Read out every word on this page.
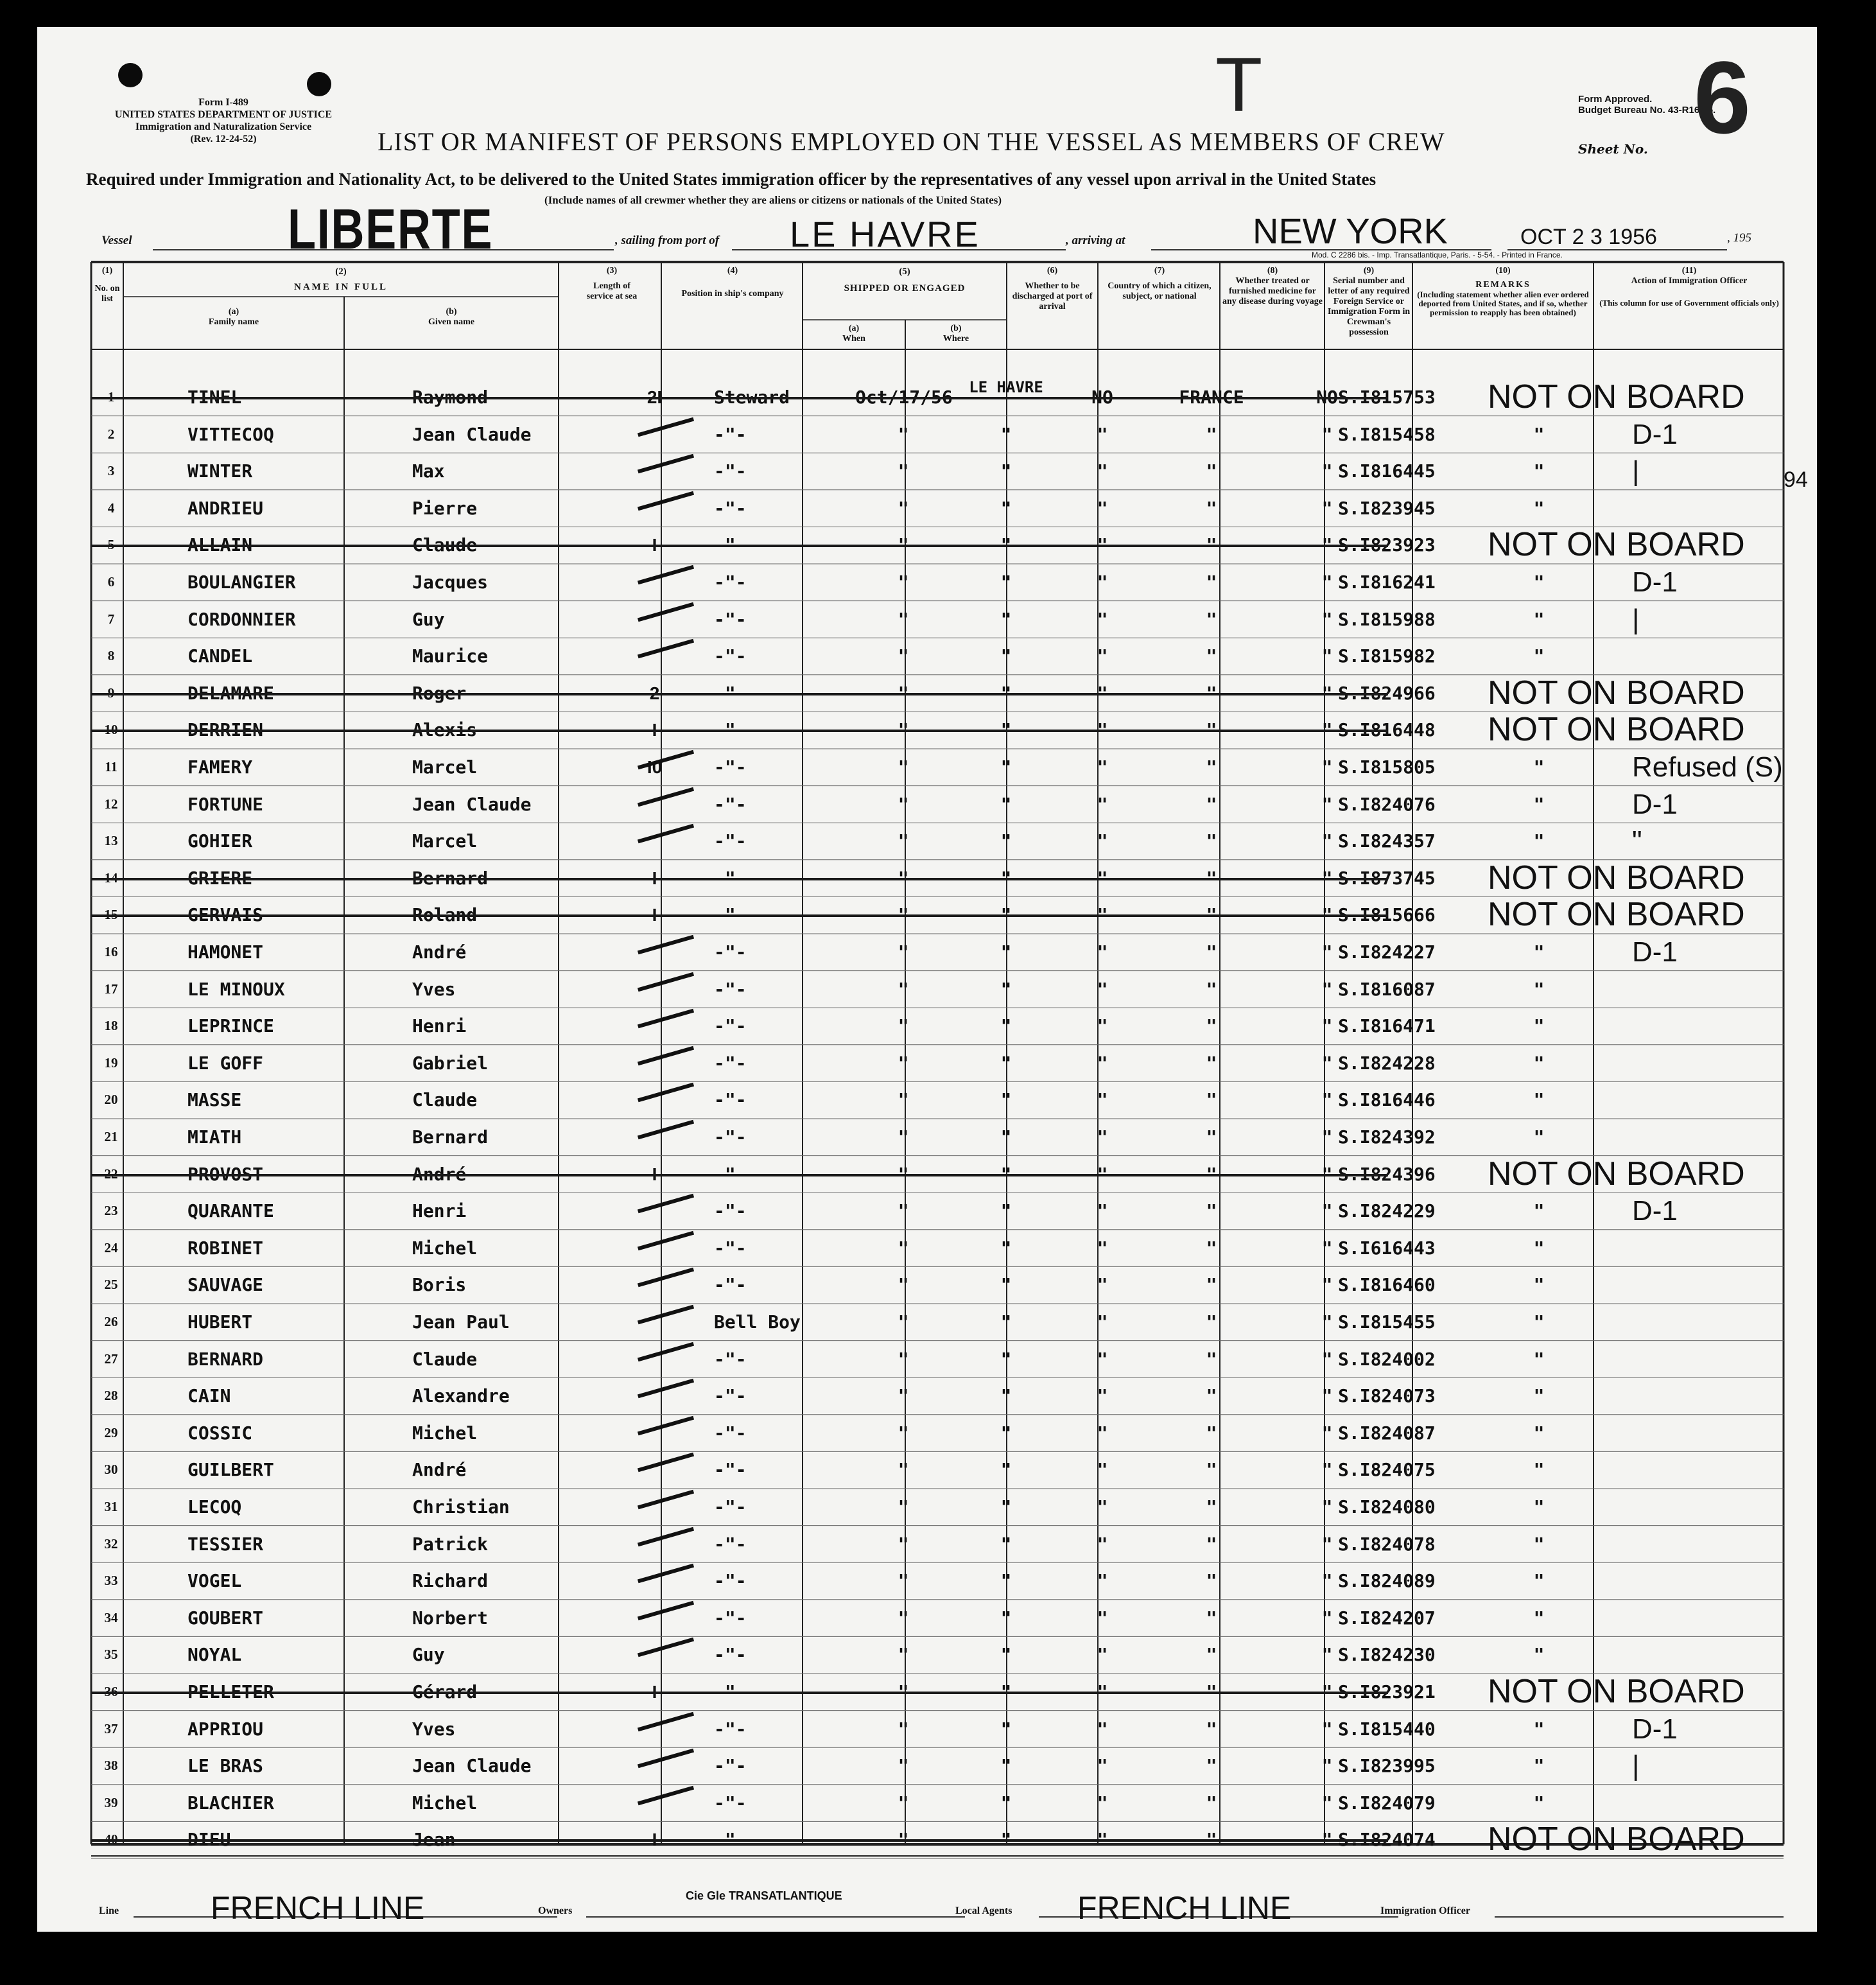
Form I-489
UNITED STATES DEPARTMENT OF JUSTICE
Immigration and Naturalization Service
(Rev. 12-24-52)
T	Form Approved.
Budget Bureau No. 43-R165.5.
Sheet No. 6
LIST OR MANIFEST OF PERSONS EMPLOYED ON THE VESSEL AS MEMBERS OF CREW
Required under Immigration and Nationality Act, to be delivered to the United States immigration officer by the representatives of any vessel upon arrival in the United States
(Include names of all crewmer whether they are aliens or citizens or nationals of the United States)
Vessel	LIBERTE	, sailing from port of LE HAVRE	, arriving at	NEW YORK	OCT 2 3 1956	, 195
Mod. C 2286 bis. - Imp. Transatlantique, Paris. - 5-54. - Printed in France.
(1)
No. on list
(2)
NAME IN FULL
(a)
Family name
(b)
Given name
(3)
Length of service at sea
(4)
Position in ship's company
(5)
SHIPPED OR ENGAGED
(a)
When
(b)
Where
(6)
Whether to be discharged at port of arrival
(7)
Country of which a citizen, subject, or national
(8)
Whether treated or furnished medicine for any disease during voyage
(9)
Serial number and letter of any required Foreign Service or Immigration Form in Crewman's possession
(10)
REMARKS
(Including statement whether alien ever ordered deported from United States, and if so, whether permission to reapply has been obtained)
(11)
Action of Immigration Officer
(This column for use of Government officials only)
1	TINEL	Raymond	2I	Steward	Oct/17/56	LE HAVRE	NO	FRANCE	NO S.I815753 NOT ON BOARD
2	VITTECOQ	Jean Claude	-"-	"	"	"	"	" S.I815458	"	D-1
3	WINTER	Max	-"-	"	"	"	"	" S.I816445	"	|
4	ANDRIEU	Pierre	-"-	"	"	"	"	" S.I823945	"
5	ALLAIN	Claude	I	-"-	"	"	"	"	" S.I823923 NOT ON BOARD
6	BOULANGIER	Jacques	-"-	"	"	"	"	" S.I816241	"	D-1
7	CORDONNIER	Guy	-"-	"	"	"	"	" S.I815988	"	|
8	CANDEL	Maurice	-"-	"	"	"	"	" S.I815982	"
9	DELAMARE	Roger	2	-"-	"	"	"	"	" S.I824966 NOT ON BOARD
10	DERRIEN	Alexis	I	-"-	"	"	"	"	" S.I816448 NOT ON BOARD
11	FAMERY	Marcel	I0	-"-	"	"	"	"	" S.I815805	"	Refused (S)
12	FORTUNE	Jean Claude	-"-	"	"	"	"	" S.I824076	"	D-1
13	GOHIER	Marcel	-"-	"	"	"	"	" S.I824357	"	"
14	GRIERE	Bernard	I	-"-	"	"	"	"	" S.I873745 NOT ON BOARD
15	GERVAIS	Roland	I	-"-	"	"	"	"	" S.I815666 NOT ON BOARD
16	HAMONET	André	-"-	"	"	"	"	" S.I824227	"	D-1
17	LE MINOUX	Yves	-"-	"	"	"	"	" S.I816087	"
18	LEPRINCE	Henri	-"-	"	"	"	"	" S.I816471	"
19	LE GOFF	Gabriel	-"-	"	"	"	"	" S.I824228	"
20	MASSE	Claude	-"-	"	"	"	"	" S.I816446	"
21	MIATH	Bernard	-"-	"	"	"	"	" S.I824392	"
22	PROVOST	André	I	-"-	"	"	"	"	" S.I824396 NOT ON BOARD
23	QUARANTE	Henri	-"-	"	"	"	"	" S.I824229	"	D-1
24	ROBINET	Michel	-"-	"	"	"	"	" S.I616443	"
25	SAUVAGE	Boris	-"-	"	"	"	"	" S.I816460	"
26	HUBERT	Jean Paul	Bell Boy	"	"	"	"	" S.I815455	"
27	BERNARD	Claude	-"-	"	"	"	"	" S.I824002	"
28	CAIN	Alexandre	-"-	"	"	"	"	" S.I824073	"
29	COSSIC	Michel	-"-	"	"	"	"	" S.I824087	"
30	GUILBERT	André	-"-	"	"	"	"	" S.I824075	"
31	LECOQ	Christian	-"-	"	"	"	"	" S.I824080	"
32	TESSIER	Patrick	-"-	"	"	"	"	" S.I824078	"
33	VOGEL	Richard	-"-	"	"	"	"	" S.I824089	"
34	GOUBERT	Norbert	-"-	"	"	"	"	" S.I824207	"
35	NOYAL	Guy	-"-	"	"	"	"	" S.I824230	"
36	PELLETER	Gérard	I	-"-	"	"	"	"	" S.I823921 NOT ON BOARD
37	APPRIOU	Yves	-"-	"	"	"	"	" S.I815440	"	D-1
38	LE BRAS	Jean Claude	-"-	"	"	"	"	" S.I823995	"	|
39	BLACHIER	Michel	-"-	"	"	"	"	" S.I824079	"
40	DIEU	Jean	I	-"-	"	"	"	"	" S.I824074 NOT ON BOARD
94
Line	FRENCH LINE	Owners
Cie Gle TRANSATLANTIQUE
Local Agents FRENCH LINE	Immigration Officer
